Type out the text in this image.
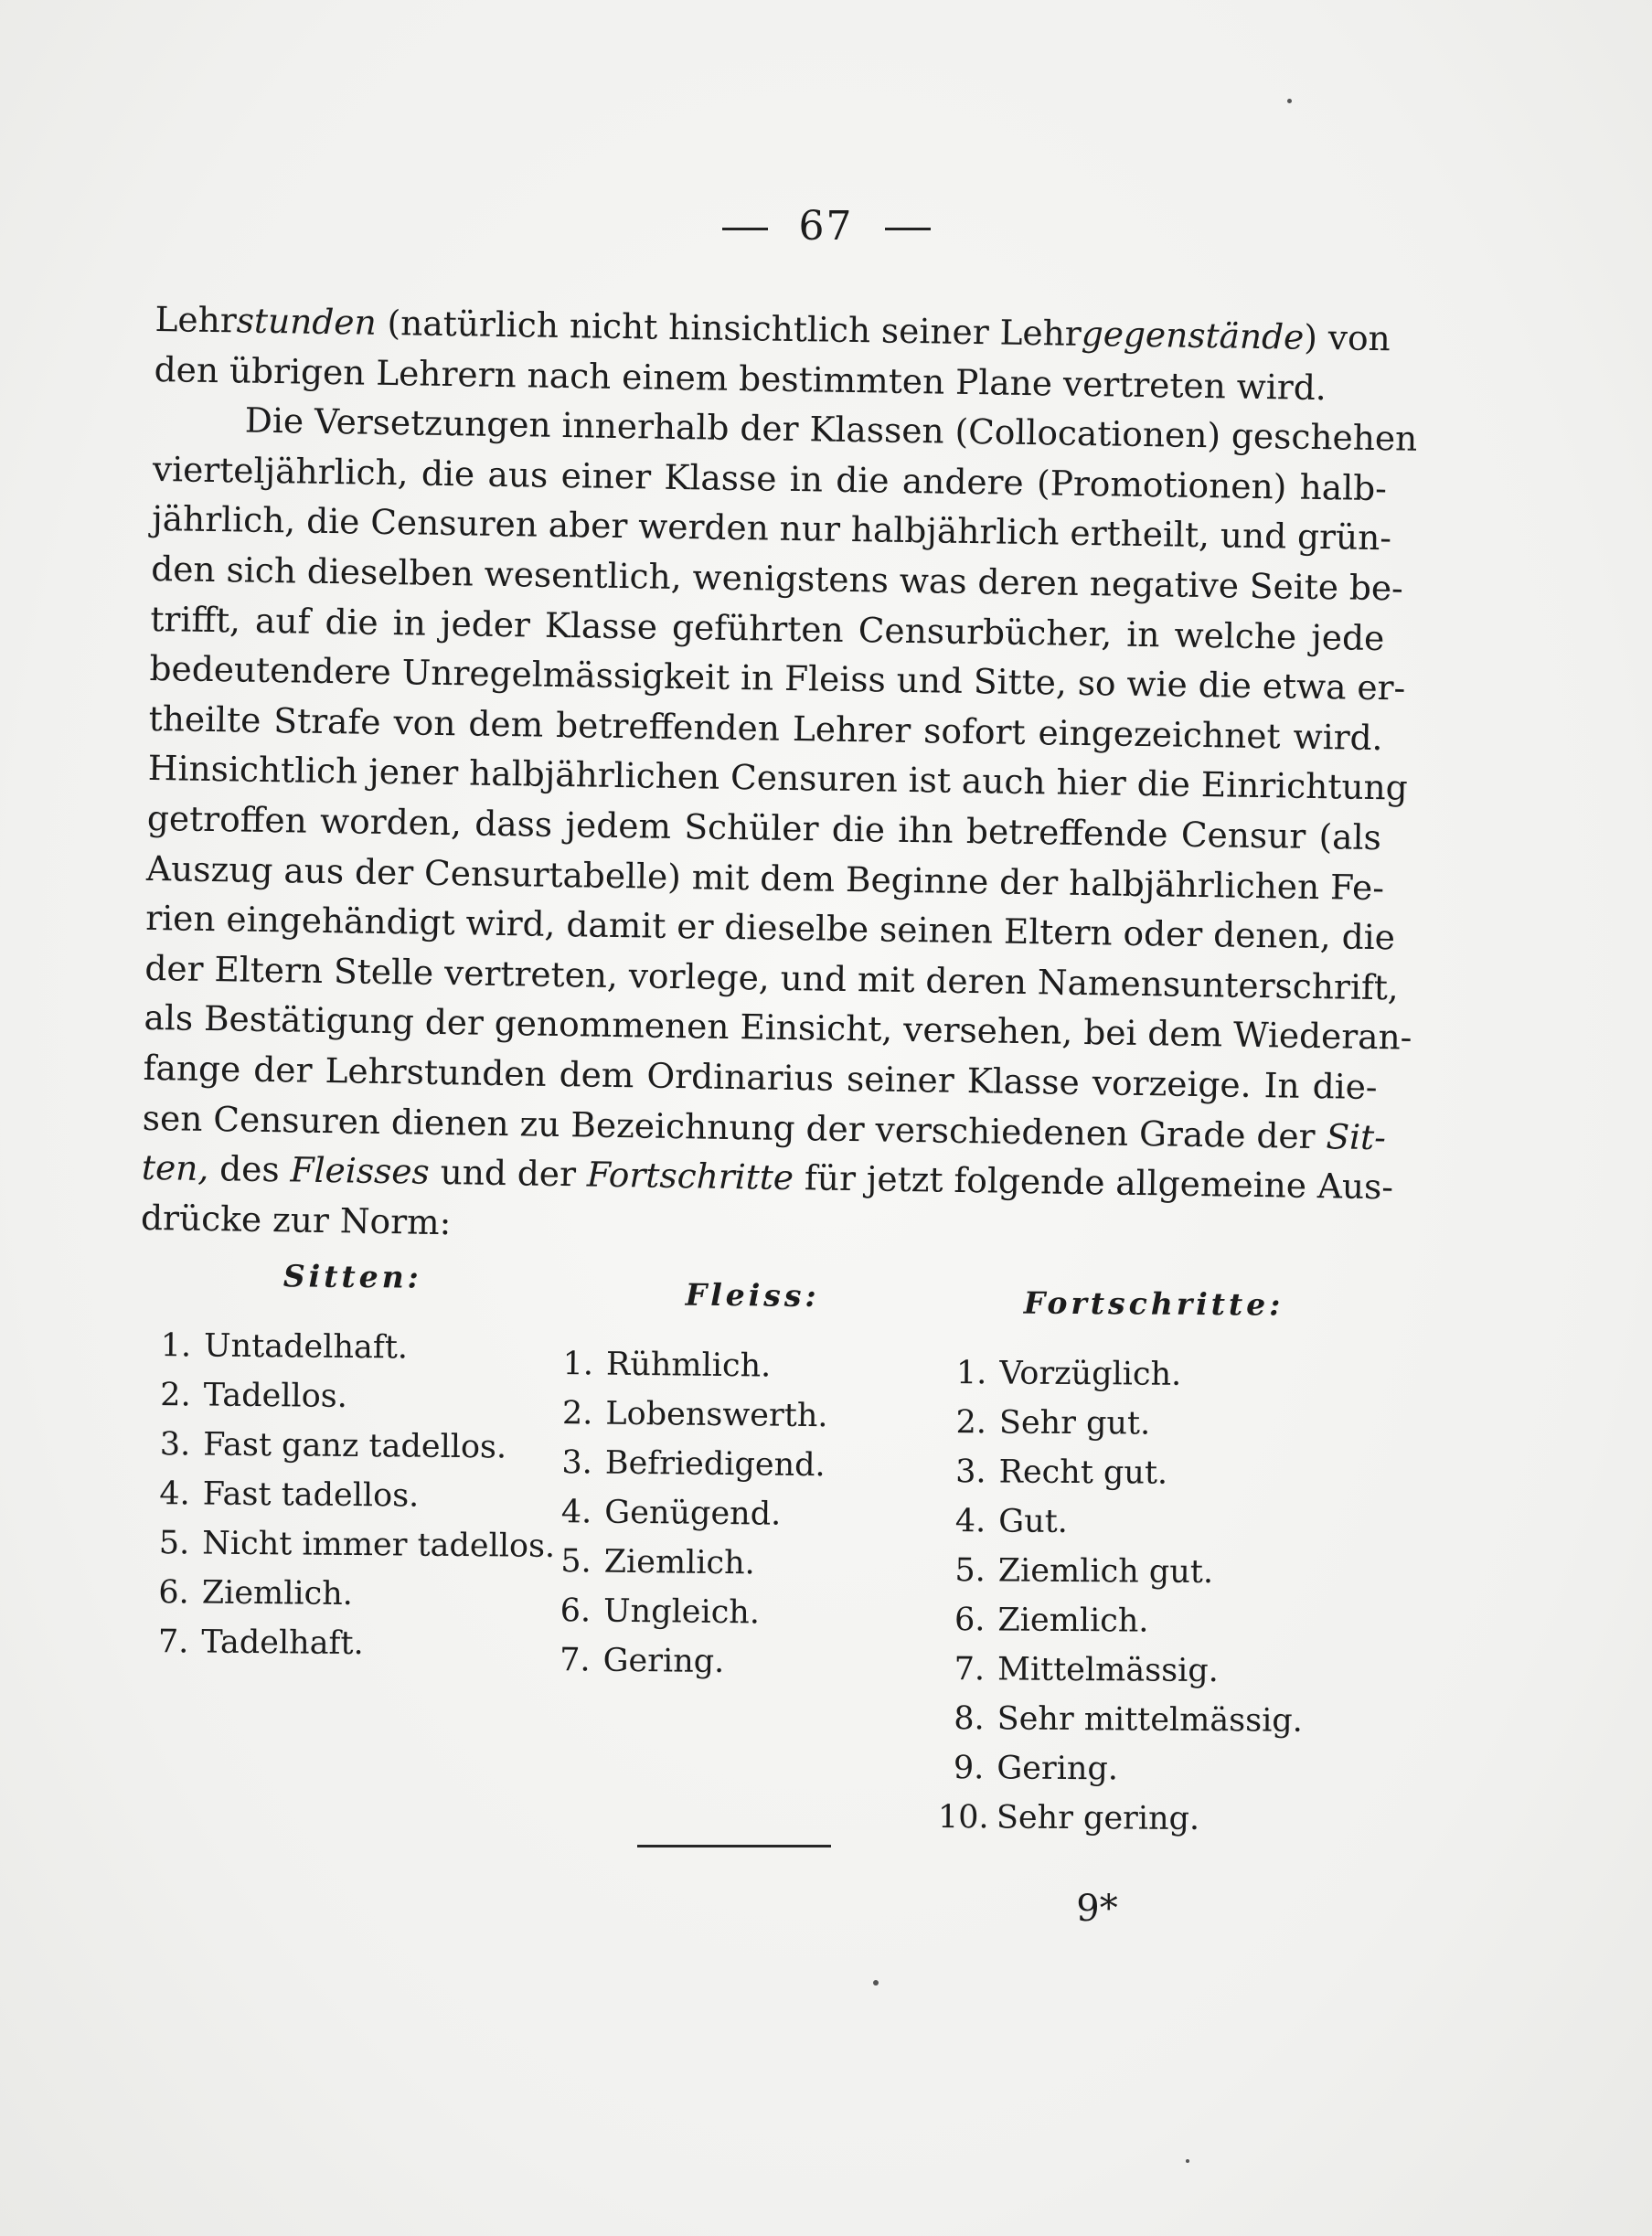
67
Lehrstunden (natürlich nicht hinsichtlich seiner Lehrgegenstände) von
den übrigen Lehrern nach einem bestimmten Plane vertreten wird.
Die Versetzungen innerhalb der Klassen (Collocationen) geschehen
vierteljährlich, die aus einer Klasse in die andere (Promotionen) halb-
jährlich, die Censuren aber werden nur halbjährlich ertheilt, und grün-
den sich dieselben wesentlich, wenigstens was deren negative Seite be-
trifft, auf die in jeder Klasse geführten Censurbücher, in welche jede
bedeutendere Unregelmässigkeit in Fleiss und Sitte, so wie die etwa er-
theilte Strafe von dem betreffenden Lehrer sofort eingezeichnet wird.
Hinsichtlich jener halbjährlichen Censuren ist auch hier die Einrichtung
getroffen worden, dass jedem Schüler die ihn betreffende Censur (als
Auszug aus der Censurtabelle) mit dem Beginne der halbjährlichen Fe-
rien eingehändigt wird, damit er dieselbe seinen Eltern oder denen, die
der Eltern Stelle vertreten, vorlege, und mit deren Namensunterschrift,
als Bestätigung der genommenen Einsicht, versehen, bei dem Wiederan-
fange der Lehrstunden dem Ordinarius seiner Klasse vorzeige. In die-
sen Censuren dienen zu Bezeichnung der verschiedenen Grade der Sit-
ten, des Fleisses und der Fortschritte für jetzt folgende allgemeine Aus-
drücke zur Norm:
Sitten:
1. Untadelhaft.
2. Tadellos.
3. Fast ganz tadellos.
4. Fast tadellos.
5. Nicht immer tadellos.
6. Ziemlich.
7. Tadelhaft.
Fleiss:
1. Rühmlich.
2. Lobenswerth.
3. Befriedigend.
4. Genügend.
5. Ziemlich.
6. Ungleich.
7. Gering.
Fortschritte:
1. Vorzüglich.
2. Sehr gut.
3. Recht gut.
4. Gut.
5. Ziemlich gut.
6. Ziemlich.
7. Mittelmässig.
8. Sehr mittelmässig.
9. Gering.
10. Sehr gering.
9*
